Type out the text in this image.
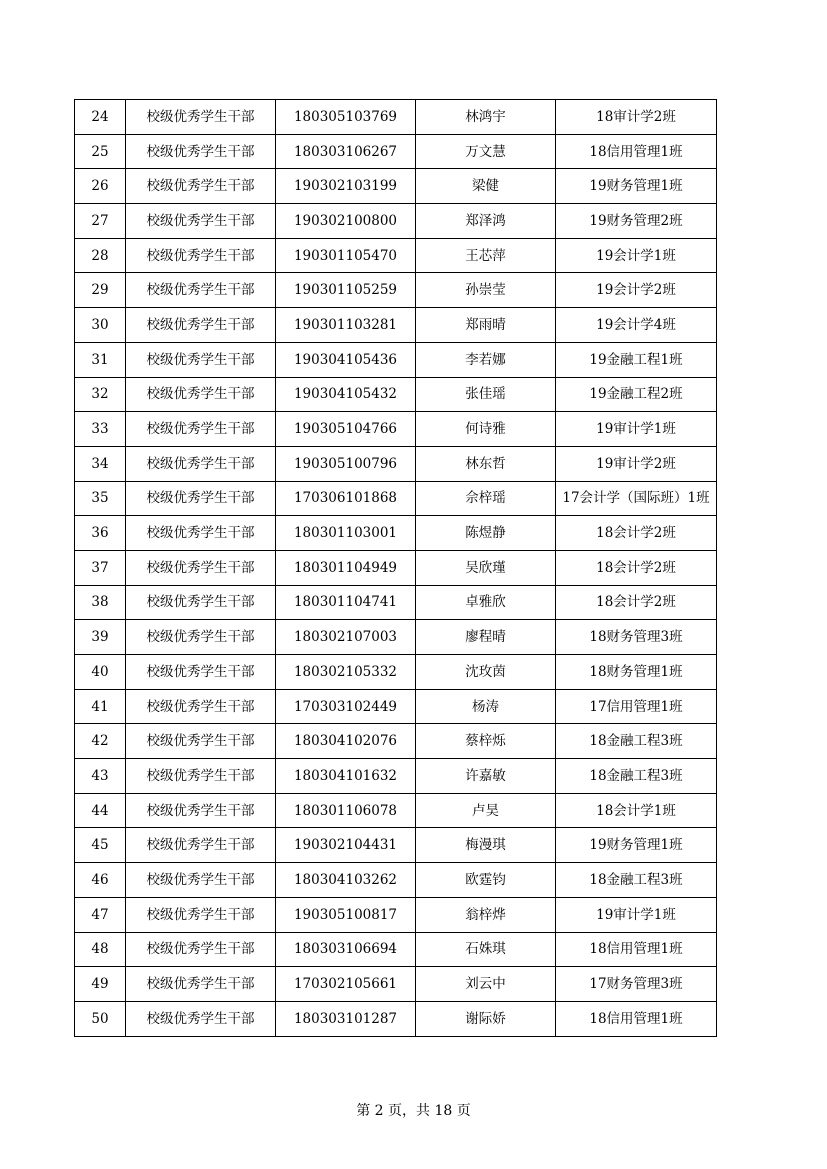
24	校级优秀学生干部	180305103769	林鸿宇	18审计学2班
25	校级优秀学生干部	180303106267	万文慧	18信用管理1班
26	校级优秀学生干部	190302103199	梁健	19财务管理1班
27	校级优秀学生干部	190302100800	郑泽鸿	19财务管理2班
28	校级优秀学生干部	190301105470	王芯萍	19会计学1班
29	校级优秀学生干部	190301105259	孙崇莹	19会计学2班
30	校级优秀学生干部	190301103281	郑雨晴	19会计学4班
31	校级优秀学生干部	190304105436	李若娜	19金融工程1班
32	校级优秀学生干部	190304105432	张佳瑶	19金融工程2班
33	校级优秀学生干部	190305104766	何诗雅	19审计学1班
34	校级优秀学生干部	190305100796	林东哲	19审计学2班
35	校级优秀学生干部	170306101868	佘梓瑶	17会计学（国际班）1班
36	校级优秀学生干部	180301103001	陈煜静	18会计学2班
37	校级优秀学生干部	180301104949	吴欣瑾	18会计学2班
38	校级优秀学生干部	180301104741	卓雅欣	18会计学2班
39	校级优秀学生干部	180302107003	廖程晴	18财务管理3班
40	校级优秀学生干部	180302105332	沈玫茵	18财务管理1班
41	校级优秀学生干部	170303102449	杨涛	17信用管理1班
42	校级优秀学生干部	180304102076	蔡梓烁	18金融工程3班
43	校级优秀学生干部	180304101632	许嘉敏	18金融工程3班
44	校级优秀学生干部	180301106078	卢昊	18会计学1班
45	校级优秀学生干部	190302104431	梅漫琪	19财务管理1班
46	校级优秀学生干部	180304103262	欧霆钧	18金融工程3班
47	校级优秀学生干部	190305100817	翁梓烨	19审计学1班
48	校级优秀学生干部	180303106694	石姝琪	18信用管理1班
49	校级优秀学生干部	170302105661	刘云中	17财务管理3班
50	校级优秀学生干部	180303101287	谢际娇	18信用管理1班
第 2 页，共 18 页
